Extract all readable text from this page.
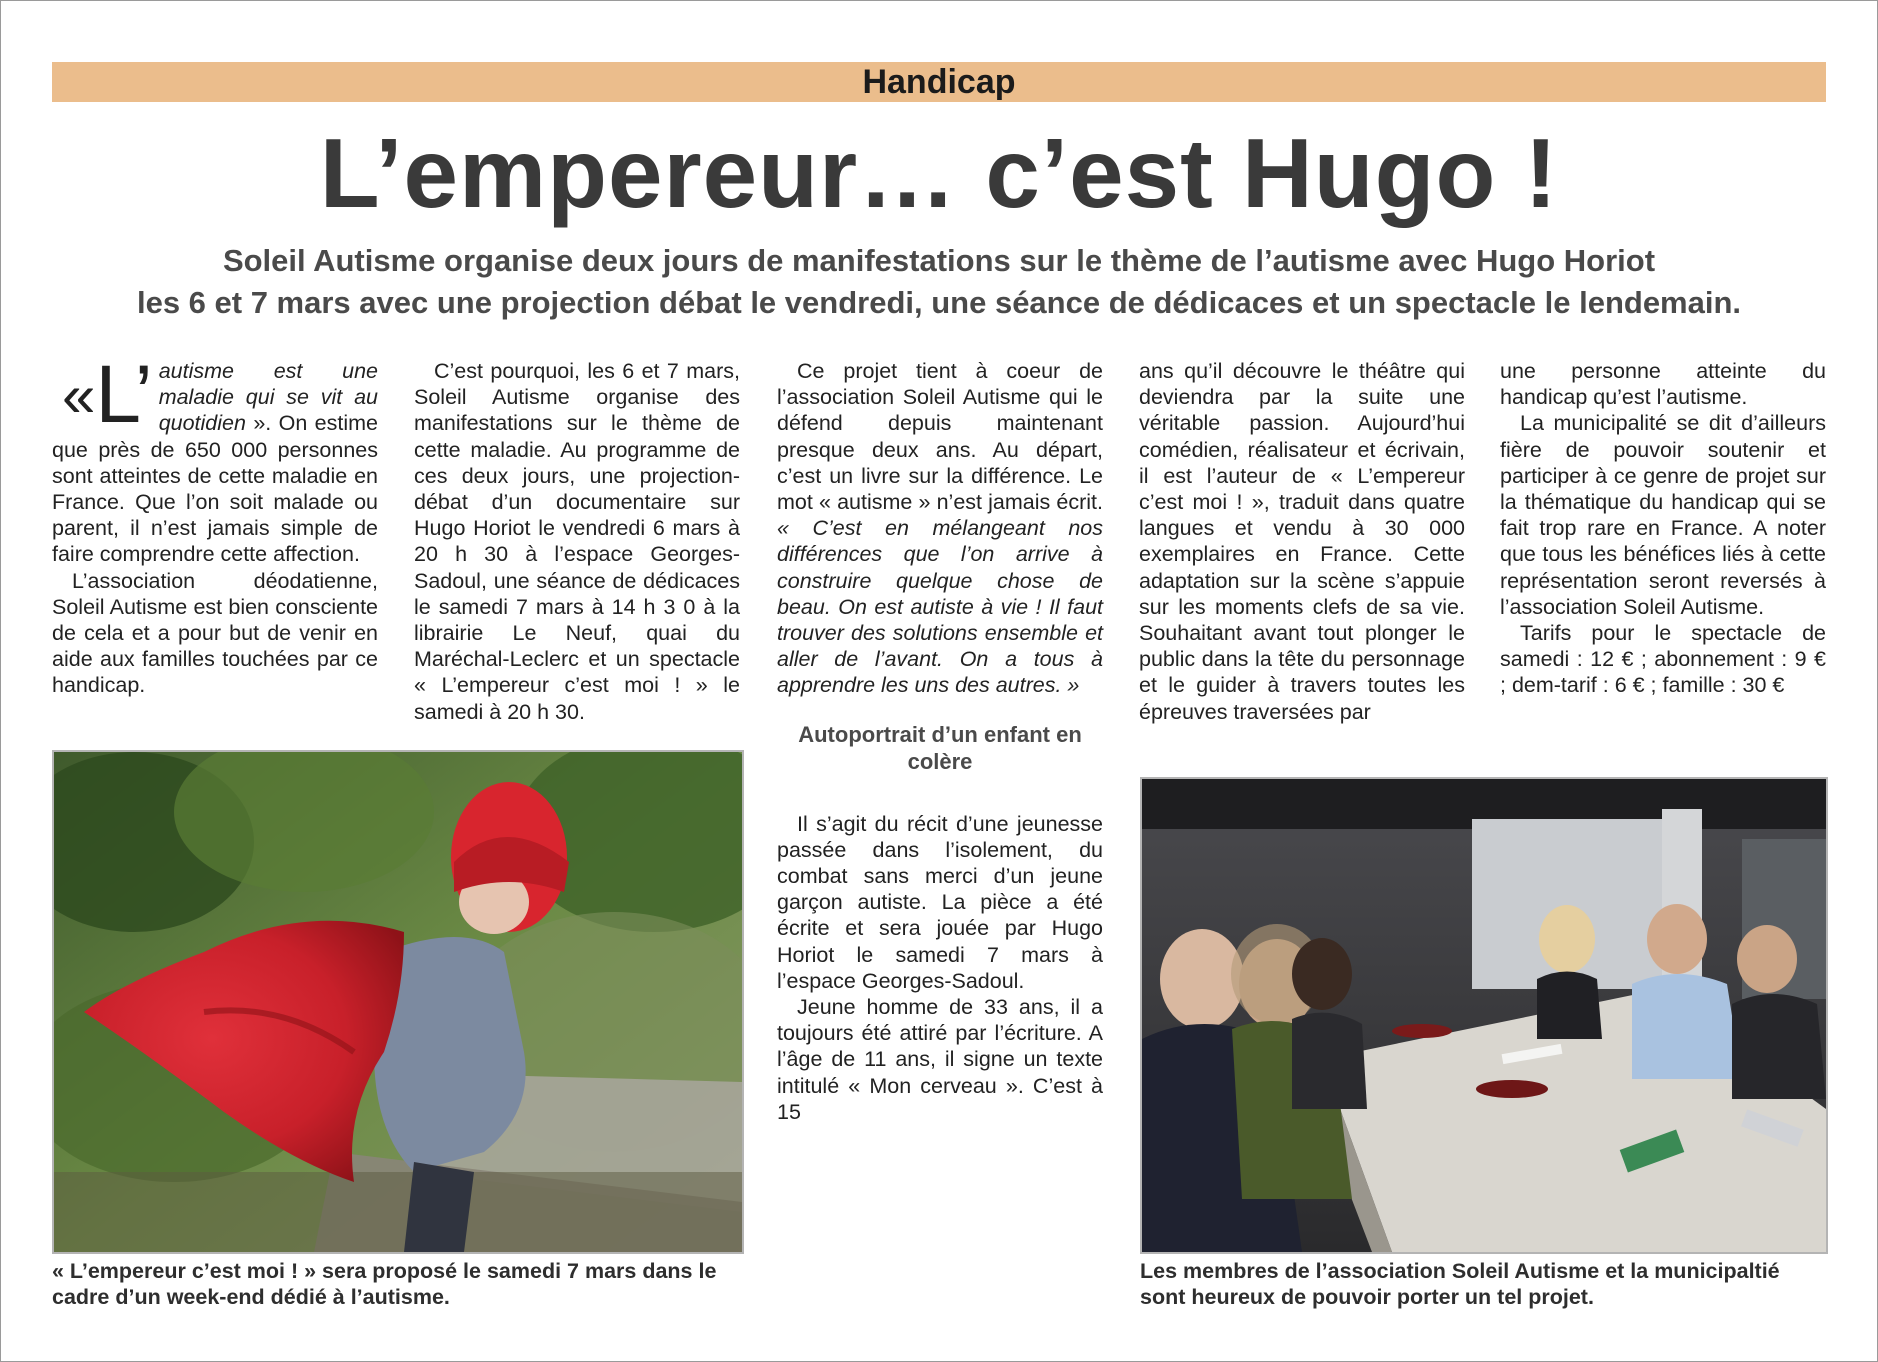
Handicap
L’empereur… c’est Hugo !
Soleil Autisme organise deux jours de manifestations sur le thème de l’autisme avec Hugo Horiot
les 6 et 7 mars avec une projection débat le vendredi, une séance de dédicaces et un spectacle le lendemain.

«L’ autisme est une maladie qui se vit au quotidien ». On estime que près de 650 000 personnes sont atteintes de cette maladie en France. Que l’on soit malade ou parent, il n’est jamais simple de faire comprendre cette affection.

L’association déodatienne, Soleil Autisme est bien consciente de cela et a pour but de venir en aide aux familles touchées par ce handicap.

C’est pourquoi, les 6 et 7 mars, Soleil Autisme organise des manifestations sur le thème de cette maladie. Au programme de ces deux jours, une projection-débat d’un documentaire sur Hugo Horiot le vendredi 6 mars à 20 h 30 à l’espace Georges-Sadoul, une séance de dédicaces le samedi 7 mars à 14 h 3 0 à la librairie Le Neuf, quai du Maréchal-Leclerc et un spectacle « L’empereur c’est moi ! » le samedi à 20 h 30.

Ce projet tient à coeur de l’association Soleil Autisme qui le défend depuis maintenant presque deux ans. Au départ, c’est un livre sur la différence. Le mot « autisme » n’est jamais écrit. « C’est en mélangeant nos différences que l’on arrive à construire quelque chose de beau. On est autiste à vie ! Il faut trouver des solutions ensemble et aller de l’avant. On a tous à apprendre les uns des autres. »

Autoportrait d’un enfant en colère

Il s’agit du récit d’une jeunesse passée dans l’isolement, du combat sans merci d’un jeune garçon autiste. La pièce a été écrite et sera jouée par Hugo Horiot le samedi 7 mars à l’espace Georges-Sadoul.

Jeune homme de 33 ans, il a toujours été attiré par l’écriture. A l’âge de 11 ans, il signe un texte intitulé « Mon cerveau ». C’est à 15

ans qu’il découvre le théâtre qui deviendra par la suite une véritable passion. Aujourd’hui comédien, réalisateur et écrivain, il est l’auteur de « L’empereur c’est moi ! », traduit dans quatre langues et vendu à 30 000 exemplaires en France. Cette adaptation sur la scène s’appuie sur les moments clefs de sa vie. Souhaitant avant tout plonger le public dans la tête du personnage et le guider à travers toutes les épreuves traversées par

une personne atteinte du handicap qu’est l’autisme.

La municipalité se dit d’ailleurs fière de pouvoir soutenir et participer à ce genre de projet sur la thématique du handicap qui se fait trop rare en France. A noter que tous les bénéfices liés à cette représentation seront reversés à l’association Soleil Autisme.

Tarifs pour le spectacle de samedi : 12 € ; abonnement : 9 € ; dem-tarif : 6 € ; famille : 30 €

« L’empereur c’est moi ! » sera proposé le samedi 7 mars dans le cadre d’un week-end dédié à l’autisme.
Les membres de l’association Soleil Autisme et la municipaltié sont heureux de pouvoir porter un tel projet.
